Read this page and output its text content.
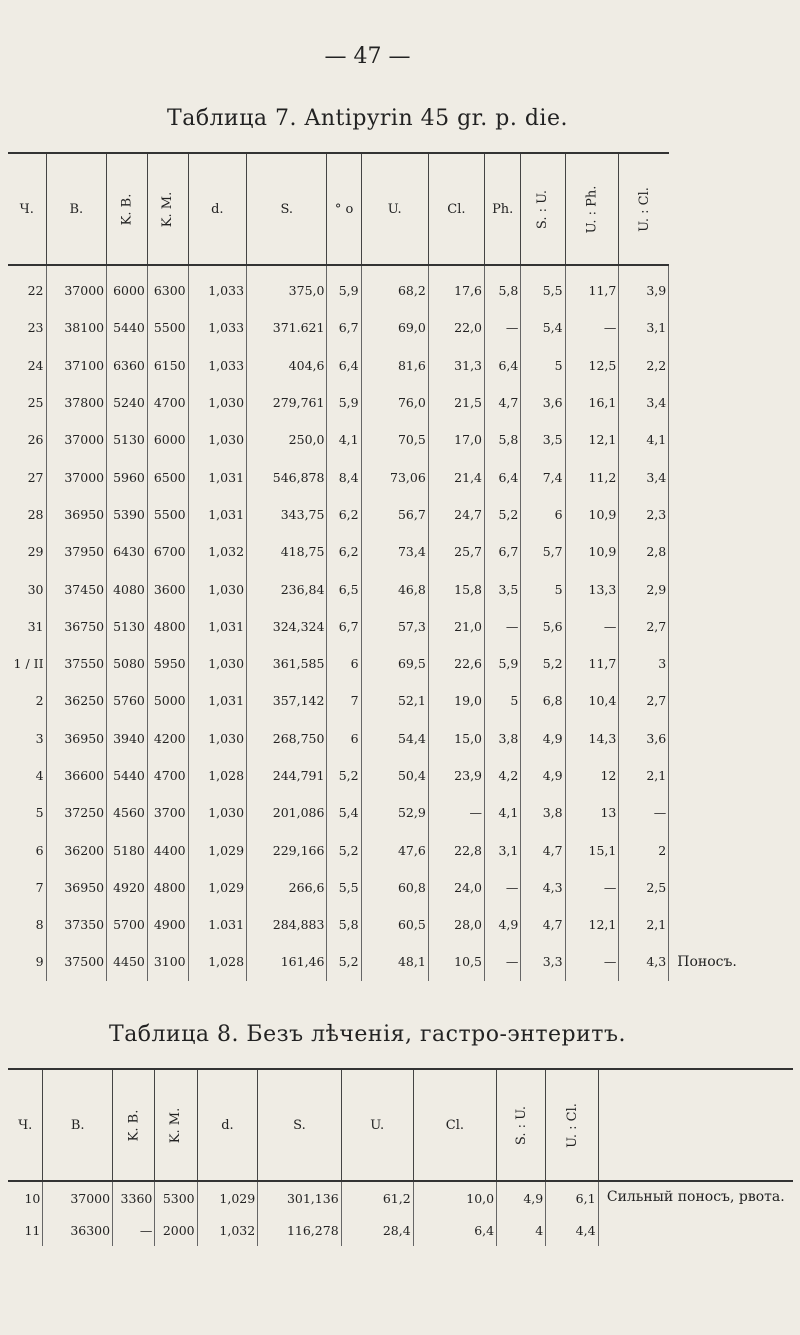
— 47 —
Таблица 7. Antipyrin 45 gr. p. die.
Ч.	B.	K. B.	K. M.	d.	S.	° o	U.	Cl.	Ph.	S. : U.	U. : Ph.	U. : Cl.	
22	37000	6000	6300	1,033	375,0	5,9	68,2	17,6	5,8	5,5	11,7	3,9	
23	38100	5440	5500	1,033	371.621	6,7	69,0	22,0	—	5,4	—	3,1	
24	37100	6360	6150	1,033	404,6	6,4	81,6	31,3	6,4	5	12,5	2,2	
25	37800	5240	4700	1,030	279,761	5,9	76,0	21,5	4,7	3,6	16,1	3,4	
26	37000	5130	6000	1,030	250,0	4,1	70,5	17,0	5,8	3,5	12,1	4,1	
27	37000	5960	6500	1,031	546,878	8,4	73,06	21,4	6,4	7,4	11,2	3,4	
28	36950	5390	5500	1,031	343,75	6,2	56,7	24,7	5,2	6	10,9	2,3	
29	37950	6430	6700	1,032	418,75	6,2	73,4	25,7	6,7	5,7	10,9	2,8	
30	37450	4080	3600	1,030	236,84	6,5	46,8	15,8	3,5	5	13,3	2,9	
31	36750	5130	4800	1,031	324,324	6,7	57,3	21,0	—	5,6	—	2,7	
1 / II	37550	5080	5950	1,030	361,585	6	69,5	22,6	5,9	5,2	11,7	3	
2	36250	5760	5000	1,031	357,142	7	52,1	19,0	5	6,8	10,4	2,7	
3	36950	3940	4200	1,030	268,750	6	54,4	15,0	3,8	4,9	14,3	3,6	
4	36600	5440	4700	1,028	244,791	5,2	50,4	23,9	4,2	4,9	12	2,1	
5	37250	4560	3700	1,030	201,086	5,4	52,9	—	4,1	3,8	13	—	
6	36200	5180	4400	1,029	229,166	5,2	47,6	22,8	3,1	4,7	15,1	2	
7	36950	4920	4800	1,029	266,6	5,5	60,8	24,0	—	4,3	—	2,5	
8	37350	5700	4900	1.031	284,883	5,8	60,5	28,0	4,9	4,7	12,1	2,1	
9	37500	4450	3100	1,028	161,46	5,2	48,1	10,5	—	3,3	—	4,3	Поносъ.
Таблица 8. Безъ лѣченія, гастро-энтеритъ.
Ч.	B.	K. B.	K. M.	d.	S.	U.	Cl.	S. : U.	U. : Cl.	
10	37000	3360	5300	1,029	301,136	61,2	10,0	4,9	6,1	Сильный поносъ, рвота.
11	36300	—	2000	1,032	116,278	28,4	6,4	4	4,4	
